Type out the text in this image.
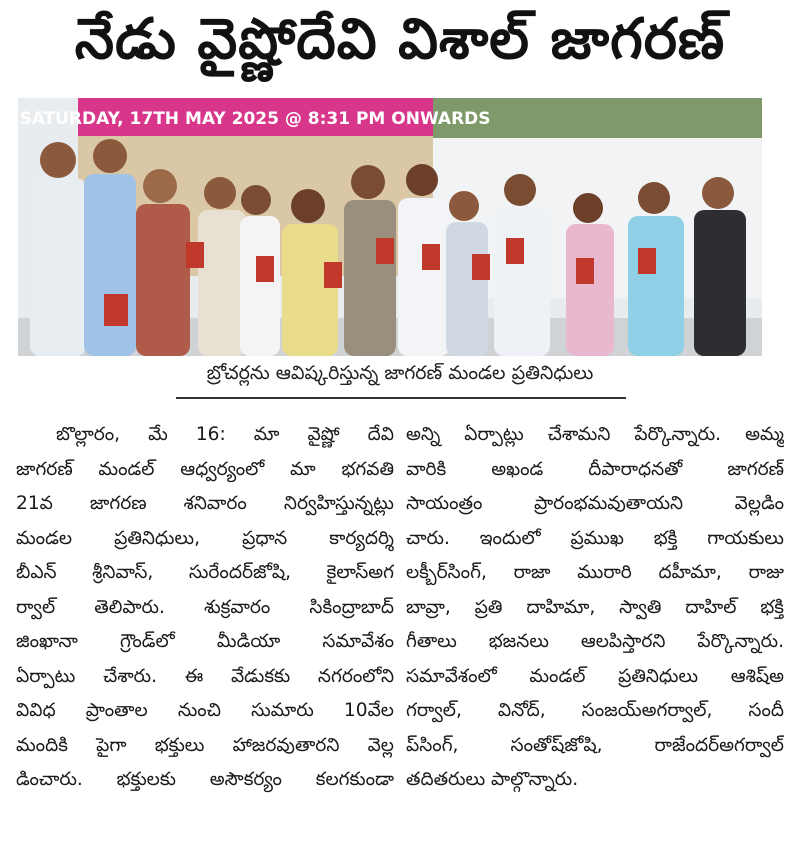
నేడు వైష్ణోదేవి విశాల్ జాగరణ్
SATURDAY, 17TH MAY 2025 @ 8:31 PM ONWARDS
బ్రోచర్లను ఆవిష్కరిస్తున్న జాగరణ్ మండల ప్రతినిధులు
బొల్లారం, మే 16: మా వైష్ణో దేవి
జాగరణ్ మండల్ ఆధ్వర్యంలో మా భగవతి
21వ జాగరణ శనివారం నిర్వహిస్తున్నట్లు
మండల ప్రతినిధులు, ప్రధాన కార్యదర్శి
బీఎన్ శ్రీనివాస్, సురేందర్‌జోషి, కైలాస్‌అగ
ర్వాల్ తెలిపారు. శుక్రవారం సికింద్రాబాద్
జింఖానా గ్రౌండ్‌లో మీడియా సమావేశం
ఏర్పాటు చేశారు. ఈ వేడుకకు నగరంలోని
వివిధ ప్రాంతాల నుంచి సుమారు 10వేల
మందికి పైగా భక్తులు హాజరవుతారని వెల్ల
డించారు. భక్తులకు అసౌకర్యం కలగకుండా
అన్ని ఏర్పాట్లు చేశామని పేర్కొన్నారు. అమ్మ
వారికి అఖండ దీపారాధనతో జాగరణ్
సాయంత్రం ప్రారంభమవుతాయని వెల్లడిం
చారు. ఇందులో ప్రముఖ భక్తి గాయకులు
లక్బీర్‌సింగ్, రాజా మురారి దహీమా, రాజు
బావ్రా, ప్రతి దాహిమా, స్వాతి దాహిల్ భక్తి
గీతాలు భజనలు ఆలపిస్తారని పేర్కొన్నారు.
సమావేశంలో మండల్ ప్రతినిధులు ఆశిష్‌అ
గర్వాల్, వినోద్, సంజయ్‌అగర్వాల్, సందీ
ప్‌సింగ్, సంతోష్‌జోషి, రాజేందర్‌అగర్వాల్
తదితరులు పాల్గొన్నారు.
